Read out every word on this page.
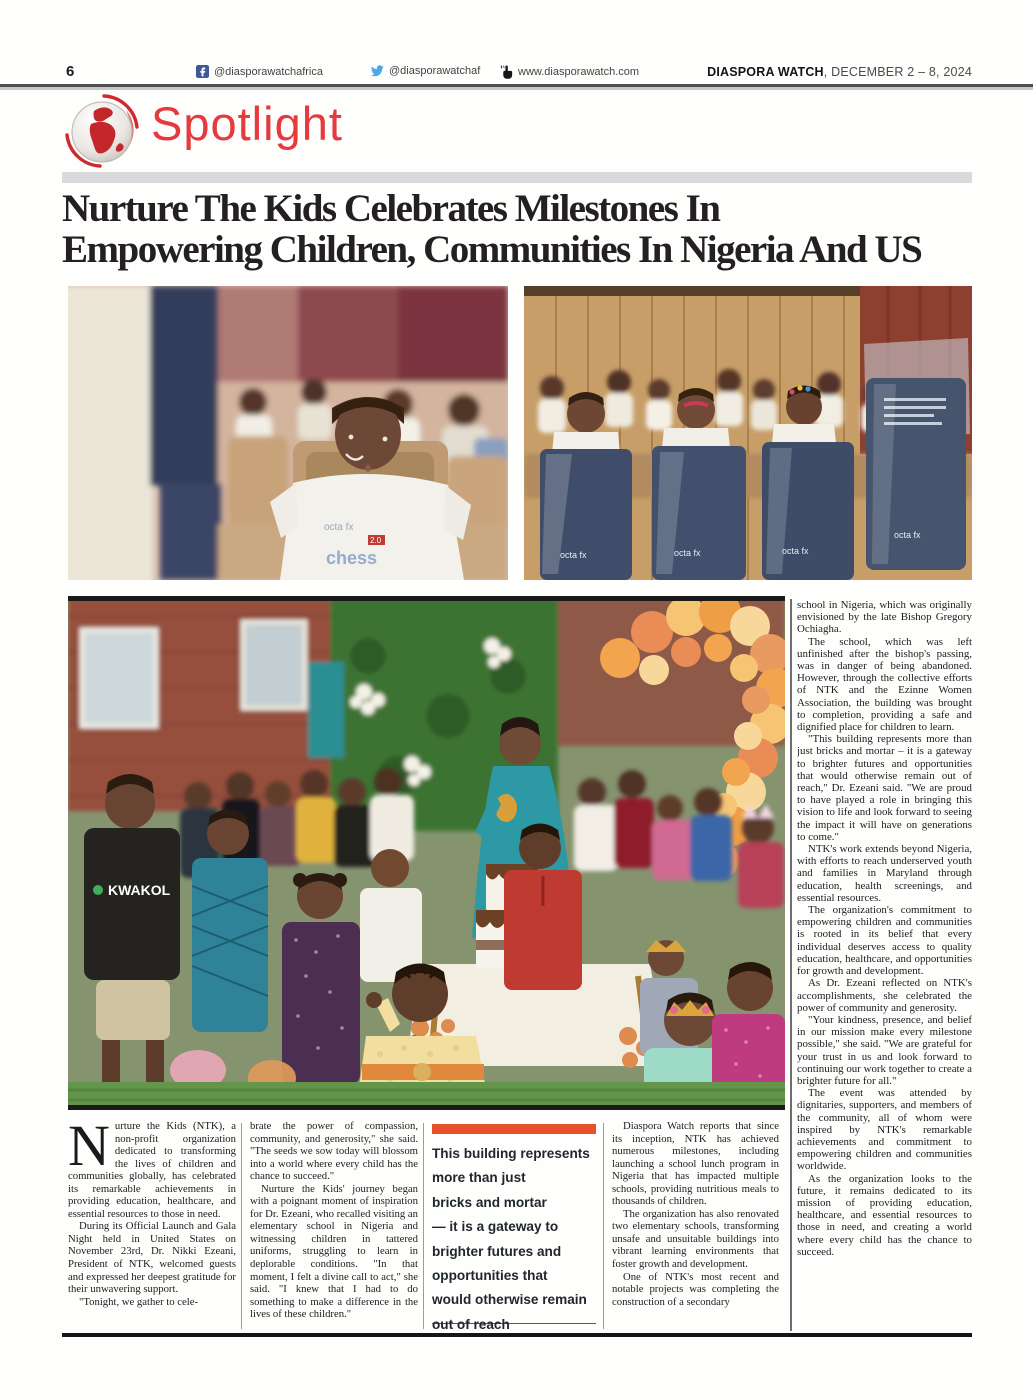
6	@diasporawatchafrica	@diasporawatchaf	www.diasporawatch.com	DIASPORA WATCH, DECEMBER 2 – 8, 2024
Spotlight
Nurture The Kids Celebrates Milestones In
Empowering Children, Communities In Nigeria And US
octa fx
2.0
chess	octa fx	octa fx	octa fx
octa fx
KWAKOL

school in Nigeria, which was originally envisioned by the late Bishop Gregory Ochiagha.

The school, which was left unfinished after the bishop's passing, was in danger of being abandoned. However, through the collective efforts of NTK and the Ezinne Women Association, the building was brought to completion, providing a safe and dignified place for children to learn.

"This building represents more than just bricks and mortar – it is a gateway to brighter futures and opportunities that would otherwise remain out of reach," Dr. Ezeani said. "We are proud to have played a role in bringing this vision to life and look forward to seeing the impact it will have on generations to come."

NTK's work extends beyond Nigeria, with efforts to reach underserved youth and families in Maryland through education, health screenings, and essential resources.

The organization's commitment to empowering children and communities is rooted in its belief that every individual deserves access to quality education, healthcare, and opportunities for growth and development.

As Dr. Ezeani reflected on NTK's accomplishments, she celebrated the power of community and generosity.

"Your kindness, presence, and belief in our mission make every milestone possible," she said. "We are grateful for your trust in us and look forward to continuing our work together to create a brighter future for all."

The event was attended by dignitaries, supporters, and members of the community, all of whom were inspired by NTK's remarkable achievements and commitment to empowering children and communities worldwide.

As the organization looks to the future, it remains dedicated to its mission of providing education, healthcare, and essential resources to those in need, and creating a world where every child has the chance to succeed.

Nurture the Kids (NTK), a non-profit organization dedicated to transforming the lives of children and communities globally, has celebrated its remarkable achievements in providing education, healthcare, and essential resources to those in need.

During its Official Launch and Gala Night held in United States on November 23rd, Dr. Nikki Ezeani, President of NTK, welcomed guests and expressed her deepest gratitude for their unwavering support.

"Tonight, we gather to cele-

brate the power of compassion, community, and generosity," she said. "The seeds we sow today will blossom into a world where every child has the chance to succeed."

Nurture the Kids' journey began with a poignant moment of inspiration for Dr. Ezeani, who recalled visiting an elementary school in Nigeria and witnessing children in tattered uniforms, struggling to learn in deplorable conditions. "In that moment, I felt a divine call to act," she said. "I knew that I had to do something to make a difference in the lives of these children."

This building represents
more than just
bricks and mortar
— it is a gateway to
brighter futures and
opportunities that
would otherwise remain
out of reach

Diaspora Watch reports that since its inception, NTK has achieved numerous milestones, including launching a school lunch program in Nigeria that has impacted multiple schools, providing nutritious meals to thousands of children.

The organization has also renovated two elementary schools, transforming unsafe and unsuitable buildings into vibrant learning environments that foster growth and development.

One of NTK's most recent and notable projects was completing the construction of a secondary
